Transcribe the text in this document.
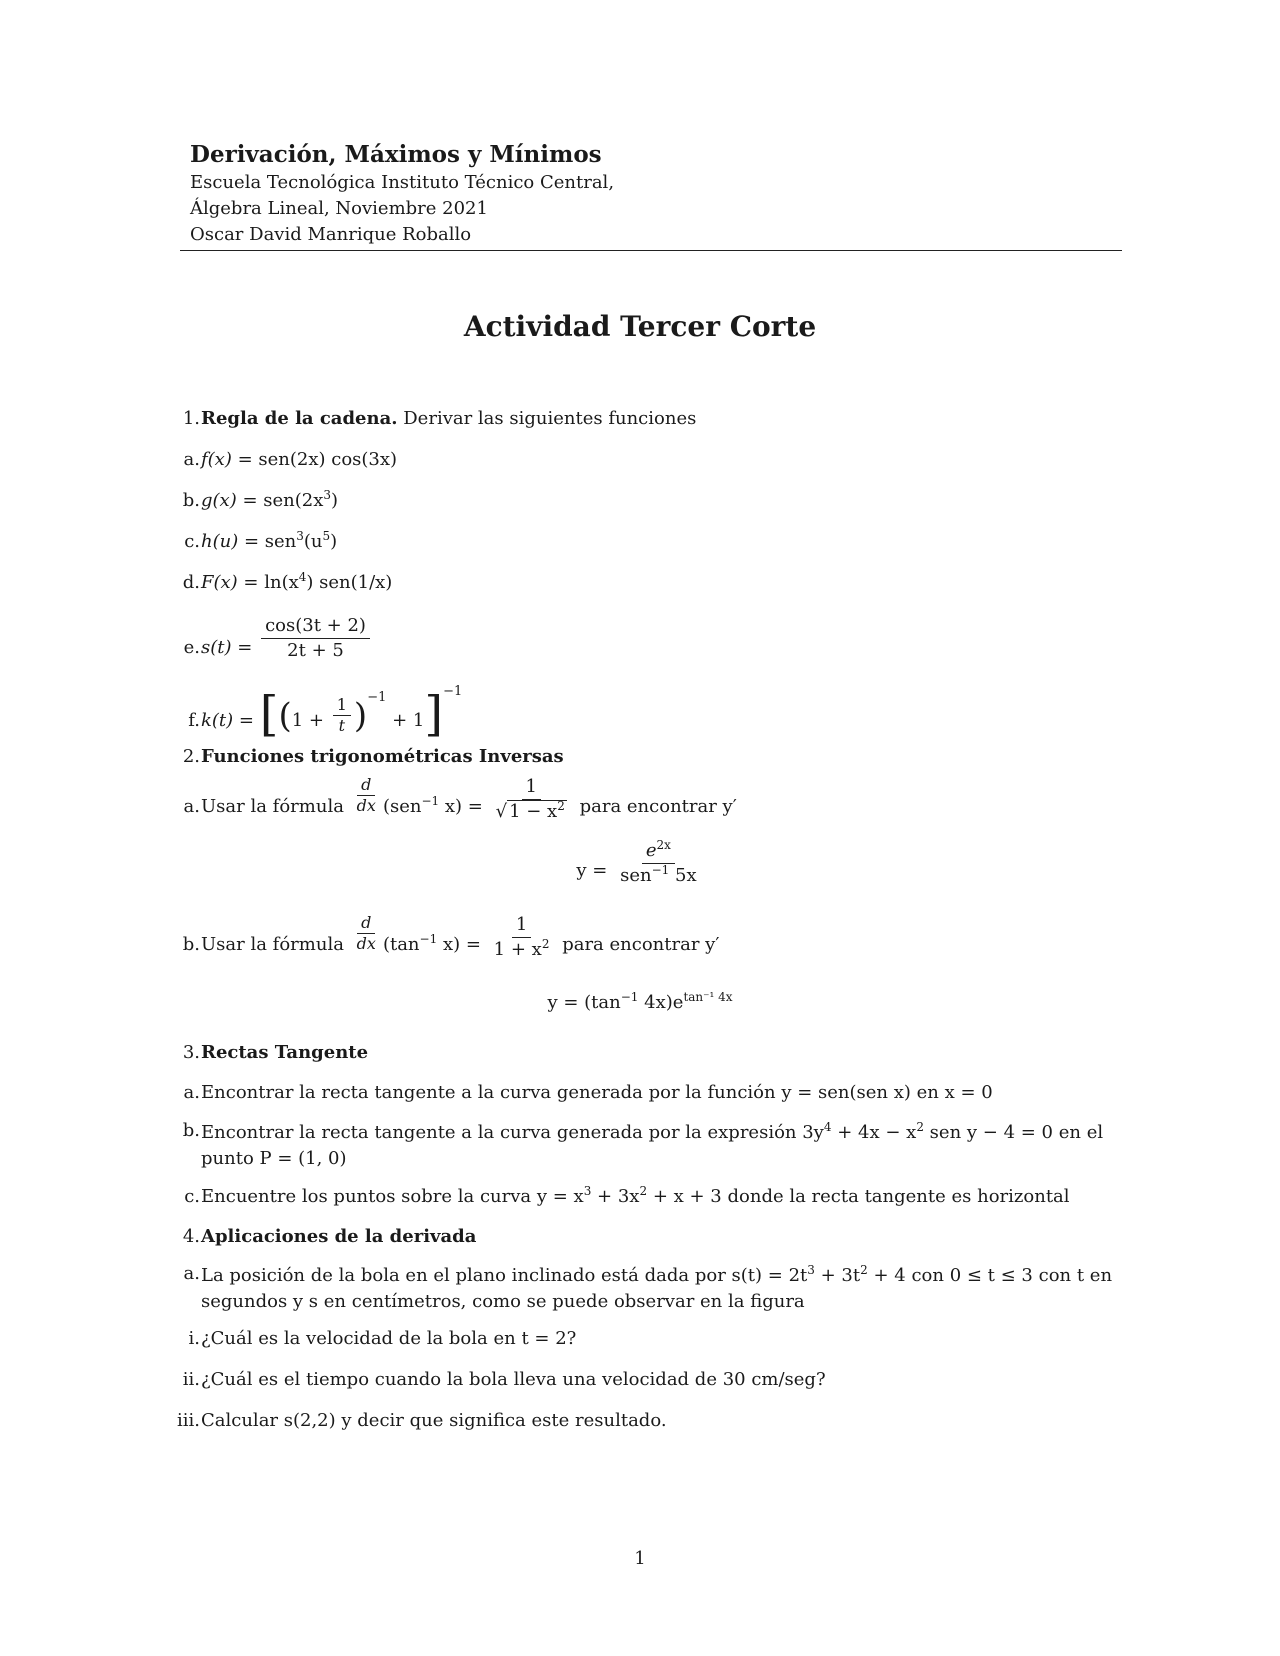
Derivación, Máximos y Mínimos
Escuela Tecnológica Instituto Técnico Central,
Álgebra Lineal, Noviembre 2021
Oscar David Manrique Roballo
Actividad Tercer Corte
1. Regla de la cadena. Derivar las siguientes funciones
a. f(x) = sen(2x) cos(3x)
b. $g(x) = sen(2x^3)$
c. $h(u) = sen^3(u^5)$
d. $F(x) = \ln(x^4)$ sen(1/x)
e. $s(t) = \frac{\cos(3t + 2)}{2t + 5}$
f. $k(t) = [(1 + \frac{1}{t} )-1 + 1]-1$
2. Funciones trigonométricas Inversas
a. Usar la fórmula $\frac{d}{dx} (sen^{-1}$ $x) = \frac{1}{√ 1 - x^2}$ para encontrar y′
$y = \frac{e^{2x}}{sen^{-1} 5x}$
b. Usar la fórmula $\frac{d}{dx} (\tan^{-1}$ $x) = \frac{1}{1 + x^2}$ para encontrar y′
$y = (\tan^{-1}$ $4x)e^{tan^{-1} 4x}$
3. Rectas Tangente
a. Encontrar la recta tangente a la curva generada por la función y = sen(sen x) en x = 0
b. Encontrar la recta tangente a la curva generada por la expresión $3y^4 + 4x - x^2$ sen y − 4 = 0 en el punto P = (1, 0)
c. Encuentre los puntos sobre la curva $y = x^3 + 3x^2 + x + 3$ donde la recta tangente es horizontal
4. Aplicaciones de la derivada
a. La posición de la bola en el plano inclinado está dada por $s(t) = 2t^3 + 3t^2 + 4$ con 0 ≤ t ≤ 3 con t en segundos y s en centímetros, como se puede observar en la figura
i. ¿Cuál es la velocidad de la bola en t = 2?
ii. ¿Cuál es el tiempo cuando la bola lleva una velocidad de 30 cm/seg?
iii. Calcular s(2,2) y decir que significa este resultado.
1
